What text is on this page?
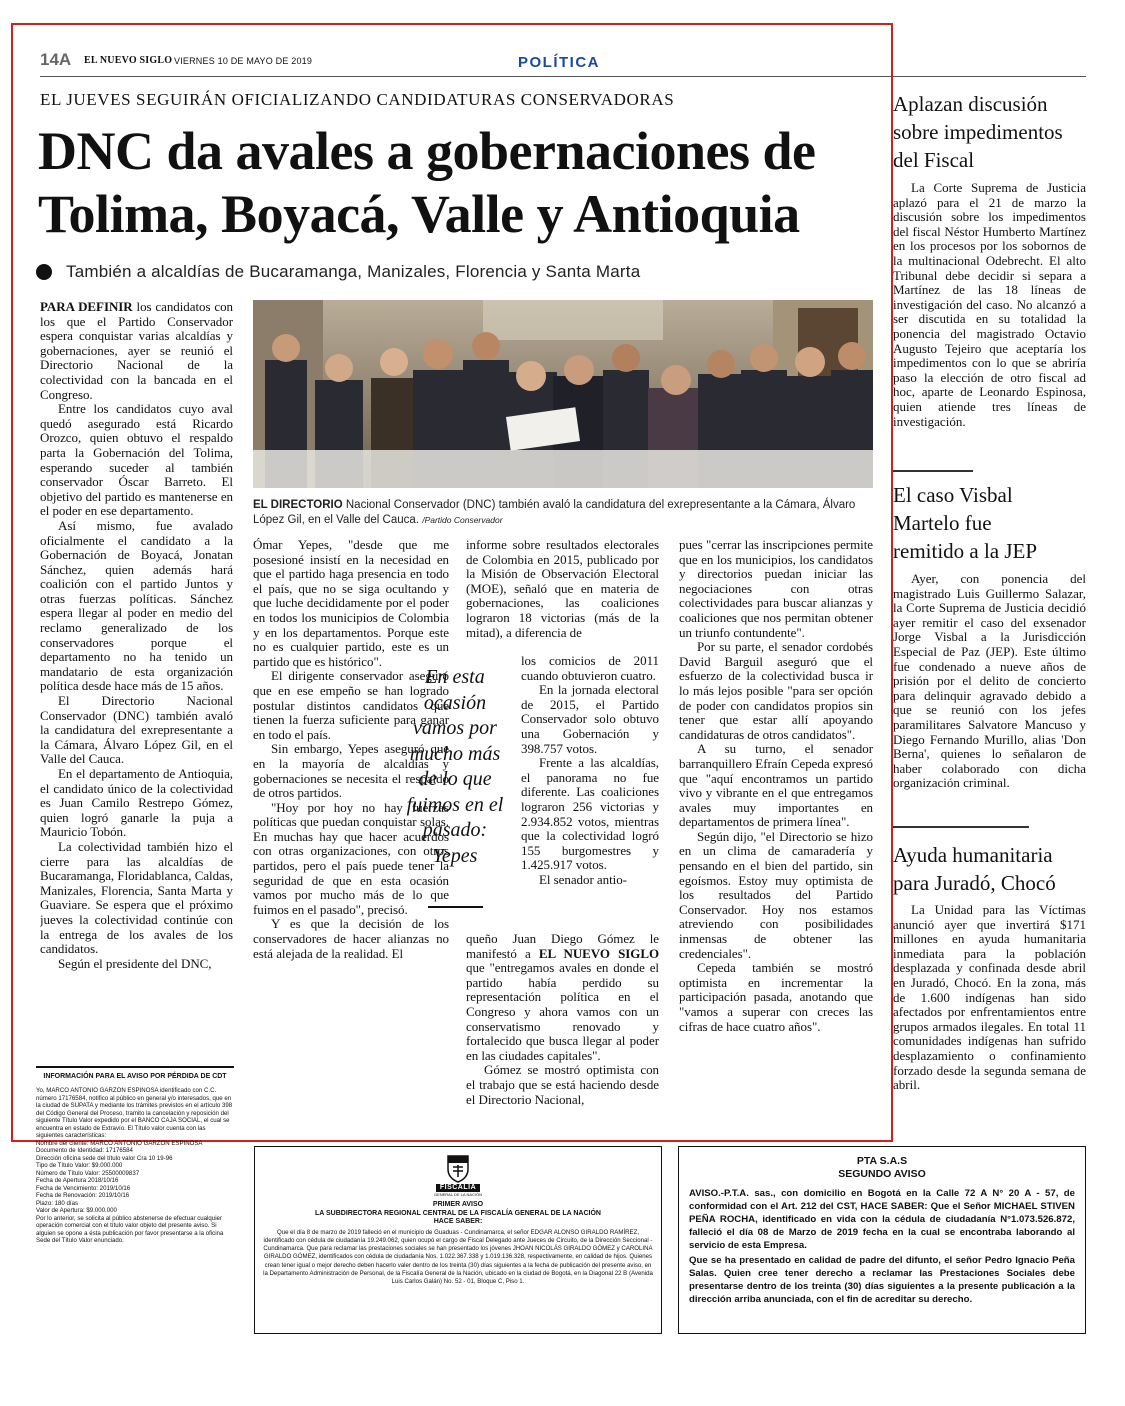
14A EL NUEVO SIGLO VIERNES 10 DE MAYO DE 2019	POLÍTICA
EL JUEVES SEGUIRÁN OFICIALIZANDO CANDIDATURAS CONSERVADORAS
DNC da avales a gobernaciones de Tolima, Boyacá, Valle y Antioquia
También a alcaldías de Bucaramanga, Manizales, Florencia y Santa Marta

PARA DEFINIR los candidatos con los que el Partido Conservador espera conquistar varias alcaldías y gobernaciones, ayer se reunió el Directorio Nacional de la colectividad con la bancada en el Congreso.

Entre los candidatos cuyo aval quedó asegurado está Ricardo Orozco, quien obtuvo el respaldo parta la Gobernación del Tolima, esperando suceder al también conservador Óscar Barreto. El objetivo del partido es mantenerse en el poder en ese departamento.

Así mismo, fue avalado oficialmente el candidato a la Gobernación de Boyacá, Jonatan Sánchez, quien además hará coalición con el partido Juntos y otras fuerzas políticas. Sánchez espera llegar al poder en medio del reclamo generalizado de los conservadores porque el departamento no ha tenido un mandatario de esta organización política desde hace más de 15 años.

El Directorio Nacional Conservador (DNC) también avaló la candidatura del exrepresentante a la Cámara, Álvaro López Gil, en el Valle del Cauca.

En el departamento de Antioquia, el candidato único de la colectividad es Juan Camilo Restrepo Gómez, quien logró ganarle la puja a Mauricio Tobón.

La colectividad también hizo el cierre para las alcaldías de Bucaramanga, Floridablanca, Caldas, Manizales, Florencia, Santa Marta y Guaviare. Se espera que el próximo jueves la colectividad continúe con la entrega de los avales de los candidatos.

Según el presidente del DNC,

EL DIRECTORIO Nacional Conservador (DNC) también avaló la candidatura del exrepresentante a la Cámara, Álvaro López Gil, en el Valle del Cauca. /Partido Conservador

Ómar Yepes, "desde que me posesioné insistí en la necesidad en que el partido haga presencia en todo el país, que no se siga ocultando y que luche decididamente por el poder en todos los municipios de Colombia y en los departamentos. Porque este no es cualquier partido, este es un partido que es histórico".

El dirigente conservador aseguró que en ese empeño se han logrado postular distintos candidatos que tienen la fuerza suficiente para ganar en todo el país.

Sin embargo, Yepes aseguró que en la mayoría de alcaldías y gobernaciones se necesita el respaldo de otros partidos.

"Hoy por hoy no hay fuerzas políticas que puedan conquistar solas. En muchas hay que hacer acuerdos con otras organizaciones, con otros partidos, pero el país puede tener la seguridad de que en esta ocasión vamos por mucho más de lo que fuimos en el pasado", precisó.

Y es que la decisión de los conservadores de hacer alianzas no está alejada de la realidad. El

informe sobre resultados electorales de Colombia en 2015, publicado por la Misión de Observación Electoral (MOE), señaló que en materia de gobernaciones, las coaliciones lograron 18 victorias (más de la mitad), a diferencia de

En esta ocasión vamos por mucho más de lo que fuimos en el pasado: Yepes

los comicios de 2011 cuando obtuvieron cuatro.

En la jornada electoral de 2015, el Partido Conservador solo obtuvo una Gobernación y 398.757 votos.

Frente a las alcaldías, el panorama no fue diferente. Las coaliciones lograron 256 victorias y 2.934.852 votos, mientras que la colectividad logró 155 burgomestres y 1.425.917 votos.

El senador antio-

queño Juan Diego Gómez le manifestó a EL NUEVO SIGLO que "entregamos avales en donde el partido había perdido su representación política en el Congreso y ahora vamos con un conservatismo renovado y fortalecido que busca llegar al poder en las ciudades capitales".

Gómez se mostró optimista con el trabajo que se está haciendo desde el Directorio Nacional,

pues "cerrar las inscripciones permite que en los municipios, los candidatos y directorios puedan iniciar las negociaciones con otras colectividades para buscar alianzas y coaliciones que nos permitan obtener un triunfo contundente".

Por su parte, el senador cordobés David Barguil aseguró que el esfuerzo de la colectividad busca ir lo más lejos posible "para ser opción de poder con candidatos propios sin tener que estar allí apoyando candidaturas de otros candidatos".

A su turno, el senador barranquillero Efraín Cepeda expresó que "aquí encontramos un partido vivo y vibrante en el que entregamos avales muy importantes en departamentos de primera línea".

Según dijo, "el Directorio se hizo en un clima de camaradería y pensando en el bien del partido, sin egoísmos. Estoy muy optimista de los resultados del Partido Conservador. Hoy nos estamos atreviendo con posibilidades inmensas de obtener las credenciales".

Cepeda también se mostró optimista en incrementar la participación pasada, anotando que "vamos a superar con creces las cifras de hace cuatro años".

Aplazan discusión
sobre impedimentos
del Fiscal
La Corte Suprema de Justicia aplazó para el 21 de marzo la discusión sobre los impedimentos del fiscal Néstor Humberto Martínez en los procesos por los sobornos de la multinacional Odebrecht. El alto Tribunal debe decidir si separa a Martínez de las 18 líneas de investigación del caso. No alcanzó a ser discutida en su totalidad la ponencia del magistrado Octavio Augusto Tejeiro que aceptaría los impedimentos con lo que se abriría paso la elección de otro fiscal ad hoc, aparte de Leonardo Espinosa, quien atiende tres líneas de investigación.
El caso Visbal
Martelo fue
remitido a la JEP
Ayer, con ponencia del magistrado Luis Guillermo Salazar, la Corte Suprema de Justicia decidió ayer remitir el caso del exsenador Jorge Visbal a la Jurisdicción Especial de Paz (JEP). Este último fue condenado a nueve años de prisión por el delito de concierto para delinquir agravado debido a que se reunió con los jefes paramilitares Salvatore Mancuso y Diego Fernando Murillo, alias 'Don Berna', quienes lo señalaron de haber colaborado con dicha organización criminal.
Ayuda humanitaria
para Juradó, Chocó
La Unidad para las Víctimas anunció ayer que invertirá $171 millones en ayuda humanitaria inmediata para la población desplazada y confinada desde abril en Juradó, Chocó. En la zona, más de 1.600 indígenas han sido afectados por enfrentamientos entre grupos armados ilegales. En total 11 comunidades indígenas han sufrido desplazamiento o confinamiento forzado desde la segunda semana de abril.
INFORMACIÓN PARA EL AVISO POR PÉRDIDA DE CDT
Yo, MARCO ANTONIO GARZON ESPINOSA identificado con C.C. número 17176584, notifico al público en general y/o interesados, que en la ciudad de SUPATA y mediante los trámites previstos en el artículo 398 del Código General del Proceso, tramito la cancelación y reposición del siguiente Título Valor expedido por el BANCO CAJA SOCIAL, el cual se encuentra en estado de Extravío. El Título valor cuenta con las siguientes características:
Nombre del cliente: MARCO ANTONIO GARZON ESPINOSA
Documento de Identidad: 17176584
Dirección oficina sede del título valor Cra 10 19-96
Tipo de Título Valor: $9.000.000
Número de Título Valor: 25500009837
Fecha de Apertura 2018/10/16
Fecha de Vencimiento: 2019/10/16
Fecha de Renovación: 2019/10/16
Plazo: 180 días
Valor de Apertura: $9.000.000
Por lo anterior, se solicita al público abstenerse de efectuar cualquier operación comercial con el título valor objeto del presente aviso. Si alguien se opone a ésta publicación por favor presentarse a la oficina Sede del Título Valor enunciado.
FISCALIA
GENERAL DE LA NACIÓN
PRIMER AVISO
LA SUBDIRECTORA REGIONAL CENTRAL DE LA FISCALÍA GENERAL DE LA NACIÓN
HACE SABER:
Que el día 8 de marzo de 2019 falleció en el municipio de Guaduas - Cundinamarca, el señor EDGAR ALONSO GIRALDO RAMÍREZ, identificado con cédula de ciudadanía 19.249.062, quien ocupó el cargo de Fiscal Delegado ante Jueces de Circuito, de la Dirección Seccional - Cundinamarca. Que para reclamar las prestaciones sociales se han presentado los jóvenes JHOAN NICOLÁS GIRALDO GÓMEZ y CAROLINA GIRALDO GÓMEZ, identificados con cédula de ciudadanía Nos. 1.022.367.338 y 1.019.136.328, respectivamente, en calidad de hijos. Quienes crean tener igual o mejor derecho deben hacerlo valer dentro de los treinta (30) días siguientes a la fecha de publicación del presente aviso, en la Departamento Administración de Personal, de la Fiscalía General de la Nación, ubicado en la ciudad de Bogotá, en la Diagonal 22 B (Avenida Luis Carlos Galán) No. 52 - 01, Bloque C, Piso 1.
PTA S.A.S
SEGUNDO AVISO
AVISO.-P.T.A. sas., con domicilio en Bogotá en la Calle 72 A N° 20 A - 57, de conformidad con el Art. 212 del CST, HACE SABER: Que el Señor MICHAEL STIVEN PEÑA ROCHA, identificado en vida con la cédula de ciudadanía N°1.073.526.872, falleció el día 08 de Marzo de 2019 fecha en la cual se encontraba laborando al servicio de esta Empresa.
Que se ha presentado en calidad de padre del difunto, el señor Pedro Ignacio Peña Salas. Quien cree tener derecho a reclamar las Prestaciones Sociales debe presentarse dentro de los treinta (30) días siguientes a la presente publicación a la dirección arriba anunciada, con el fin de acreditar su derecho.
